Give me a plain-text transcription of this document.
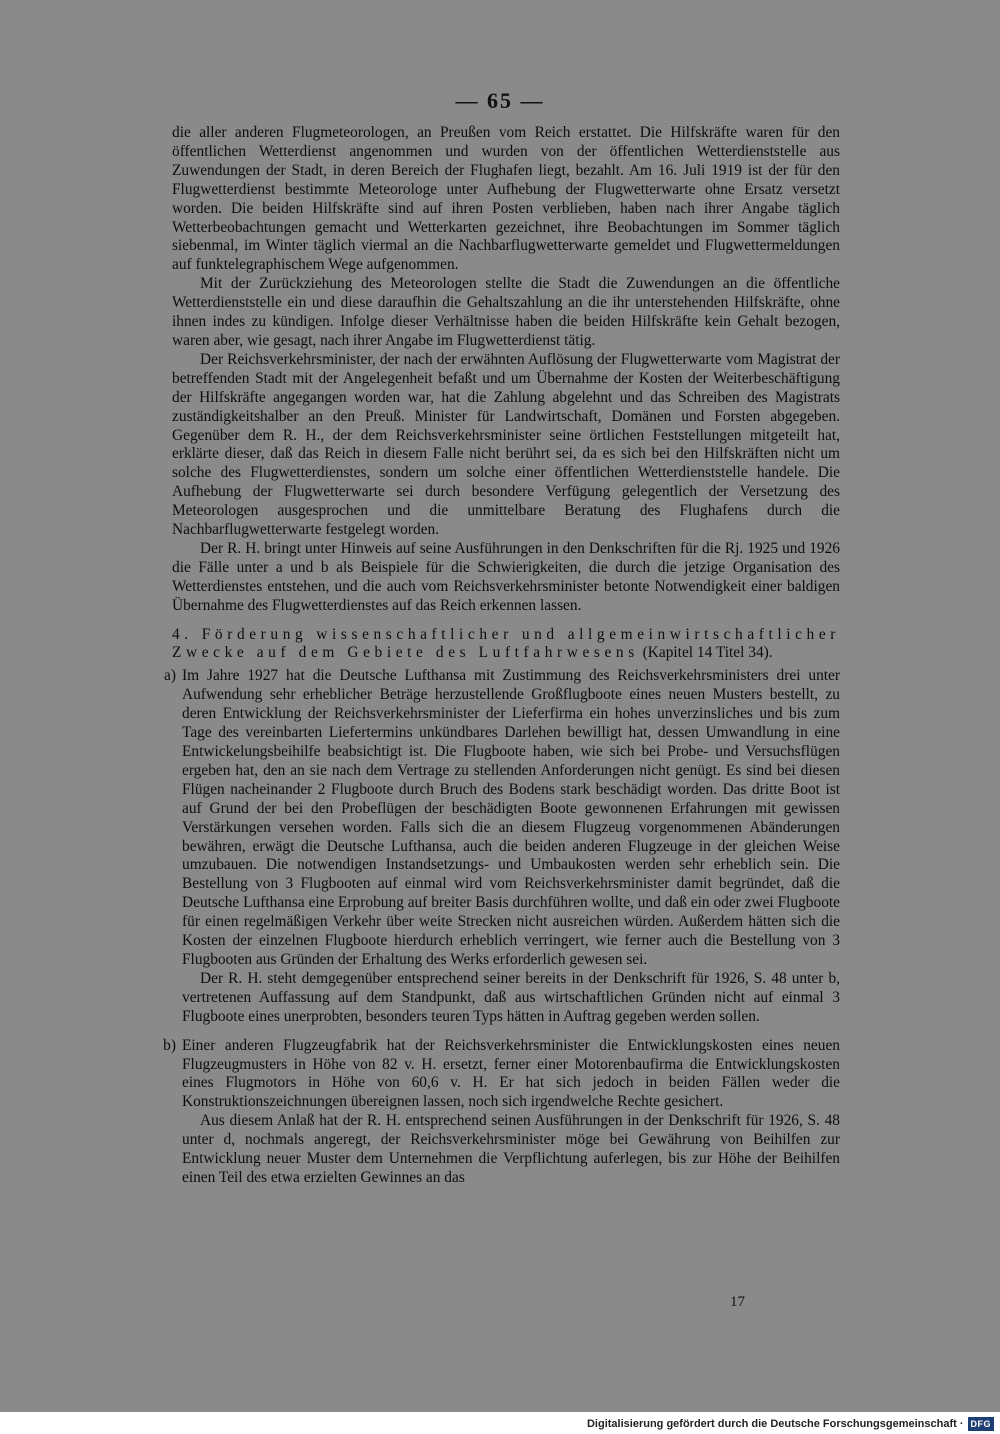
— 65 —

die aller anderen Flugmeteorologen, an Preußen vom Reich erstattet. Die Hilfskräfte waren für den öffentlichen Wetterdienst angenommen und wurden von der öffentlichen Wetterdienststelle aus Zuwendungen der Stadt, in deren Bereich der Flughafen liegt, bezahlt. Am 16. Juli 1919 ist der für den Flugwetterdienst bestimmte Meteorologe unter Aufhebung der Flugwetterwarte ohne Ersatz versetzt worden. Die beiden Hilfskräfte sind auf ihren Posten verblieben, haben nach ihrer Angabe täglich Wetterbeobachtungen gemacht und Wetterkarten gezeichnet, ihre Beobachtungen im Sommer täglich siebenmal, im Winter täglich viermal an die Nachbarflugwetterwarte gemeldet und Flugwettermeldungen auf funktelegraphischem Wege aufgenommen.

Mit der Zurückziehung des Meteorologen stellte die Stadt die Zuwendungen an die öffentliche Wetterdienststelle ein und diese daraufhin die Gehaltszahlung an die ihr unterstehenden Hilfskräfte, ohne ihnen indes zu kündigen. Infolge dieser Verhältnisse haben die beiden Hilfskräfte kein Gehalt bezogen, waren aber, wie gesagt, nach ihrer Angabe im Flugwetterdienst tätig.

Der Reichsverkehrsminister, der nach der erwähnten Auflösung der Flugwetterwarte vom Magistrat der betreffenden Stadt mit der Angelegenheit befaßt und um Übernahme der Kosten der Weiterbeschäftigung der Hilfskräfte angegangen worden war, hat die Zahlung abgelehnt und das Schreiben des Magistrats zuständigkeitshalber an den Preuß. Minister für Landwirtschaft, Domänen und Forsten abgegeben. Gegenüber dem R. H., der dem Reichsverkehrsminister seine örtlichen Feststellungen mitgeteilt hat, erklärte dieser, daß das Reich in diesem Falle nicht berührt sei, da es sich bei den Hilfskräften nicht um solche des Flugwetterdienstes, sondern um solche einer öffentlichen Wetterdienststelle handele. Die Aufhebung der Flugwetterwarte sei durch besondere Verfügung gelegentlich der Versetzung des Meteorologen ausgesprochen und die unmittelbare Beratung des Flughafens durch die Nachbarflugwetterwarte festgelegt worden.

Der R. H. bringt unter Hinweis auf seine Ausführungen in den Denkschriften für die Rj. 1925 und 1926 die Fälle unter a und b als Beispiele für die Schwierigkeiten, die durch die jetzige Organisation des Wetterdienstes entstehen, und die auch vom Reichsverkehrsminister betonte Notwendigkeit einer baldigen Übernahme des Flugwetterdienstes auf das Reich erkennen lassen.

4. Förderung wissenschaftlicher und allgemeinwirtschaftlicher Zwecke auf dem Gebiete des Luftfahrwesens (Kapitel 14 Titel 34).

a) Im Jahre 1927 hat die Deutsche Lufthansa mit Zustimmung des Reichsverkehrsministers drei unter Aufwendung sehr erheblicher Beträge herzustellende Großflugboote eines neuen Musters bestellt, zu deren Entwicklung der Reichsverkehrsminister der Lieferfirma ein hohes unverzinsliches und bis zum Tage des vereinbarten Liefertermins unkündbares Darlehen bewilligt hat, dessen Umwandlung in eine Entwickelungsbeihilfe beabsichtigt ist. Die Flugboote haben, wie sich bei Probe- und Versuchsflügen ergeben hat, den an sie nach dem Vertrage zu stellenden Anforderungen nicht genügt. Es sind bei diesen Flügen nacheinander 2 Flugboote durch Bruch des Bodens stark beschädigt worden. Das dritte Boot ist auf Grund der bei den Probeflügen der beschädigten Boote gewonnenen Erfahrungen mit gewissen Verstärkungen versehen worden. Falls sich die an diesem Flugzeug vorgenommenen Abänderungen bewähren, erwägt die Deutsche Lufthansa, auch die beiden anderen Flugzeuge in der gleichen Weise umzubauen. Die notwendigen Instandsetzungs- und Umbaukosten werden sehr erheblich sein. Die Bestellung von 3 Flugbooten auf einmal wird vom Reichsverkehrsminister damit begründet, daß die Deutsche Lufthansa eine Erprobung auf breiter Basis durchführen wollte, und daß ein oder zwei Flugboote für einen regelmäßigen Verkehr über weite Strecken nicht ausreichen würden. Außerdem hätten sich die Kosten der einzelnen Flugboote hierdurch erheblich verringert, wie ferner auch die Bestellung von 3 Flugbooten aus Gründen der Erhaltung des Werks erforderlich gewesen sei.

Der R. H. steht demgegenüber entsprechend seiner bereits in der Denkschrift für 1926, S. 48 unter b, vertretenen Auffassung auf dem Standpunkt, daß aus wirtschaftlichen Gründen nicht auf einmal 3 Flugboote eines unerprobten, besonders teuren Typs hätten in Auftrag gegeben werden sollen.

b) Einer anderen Flugzeugfabrik hat der Reichsverkehrsminister die Entwicklungskosten eines neuen Flugzeugmusters in Höhe von 82 v. H. ersetzt, ferner einer Motorenbaufirma die Entwicklungskosten eines Flugmotors in Höhe von 60,6 v. H. Er hat sich jedoch in beiden Fällen weder die Konstruktionszeichnungen übereignen lassen, noch sich irgendwelche Rechte gesichert.

Aus diesem Anlaß hat der R. H. entsprechend seinen Ausführungen in der Denkschrift für 1926, S. 48 unter d, nochmals angeregt, der Reichsverkehrsminister möge bei Gewährung von Beihilfen zur Entwicklung neuer Muster dem Unternehmen die Verpflichtung auferlegen, bis zur Höhe der Beihilfen einen Teil des etwa erzielten Gewinnes an das

17
Digitalisierung gefördert durch die Deutsche Forschungsgemeinschaft · DFG
